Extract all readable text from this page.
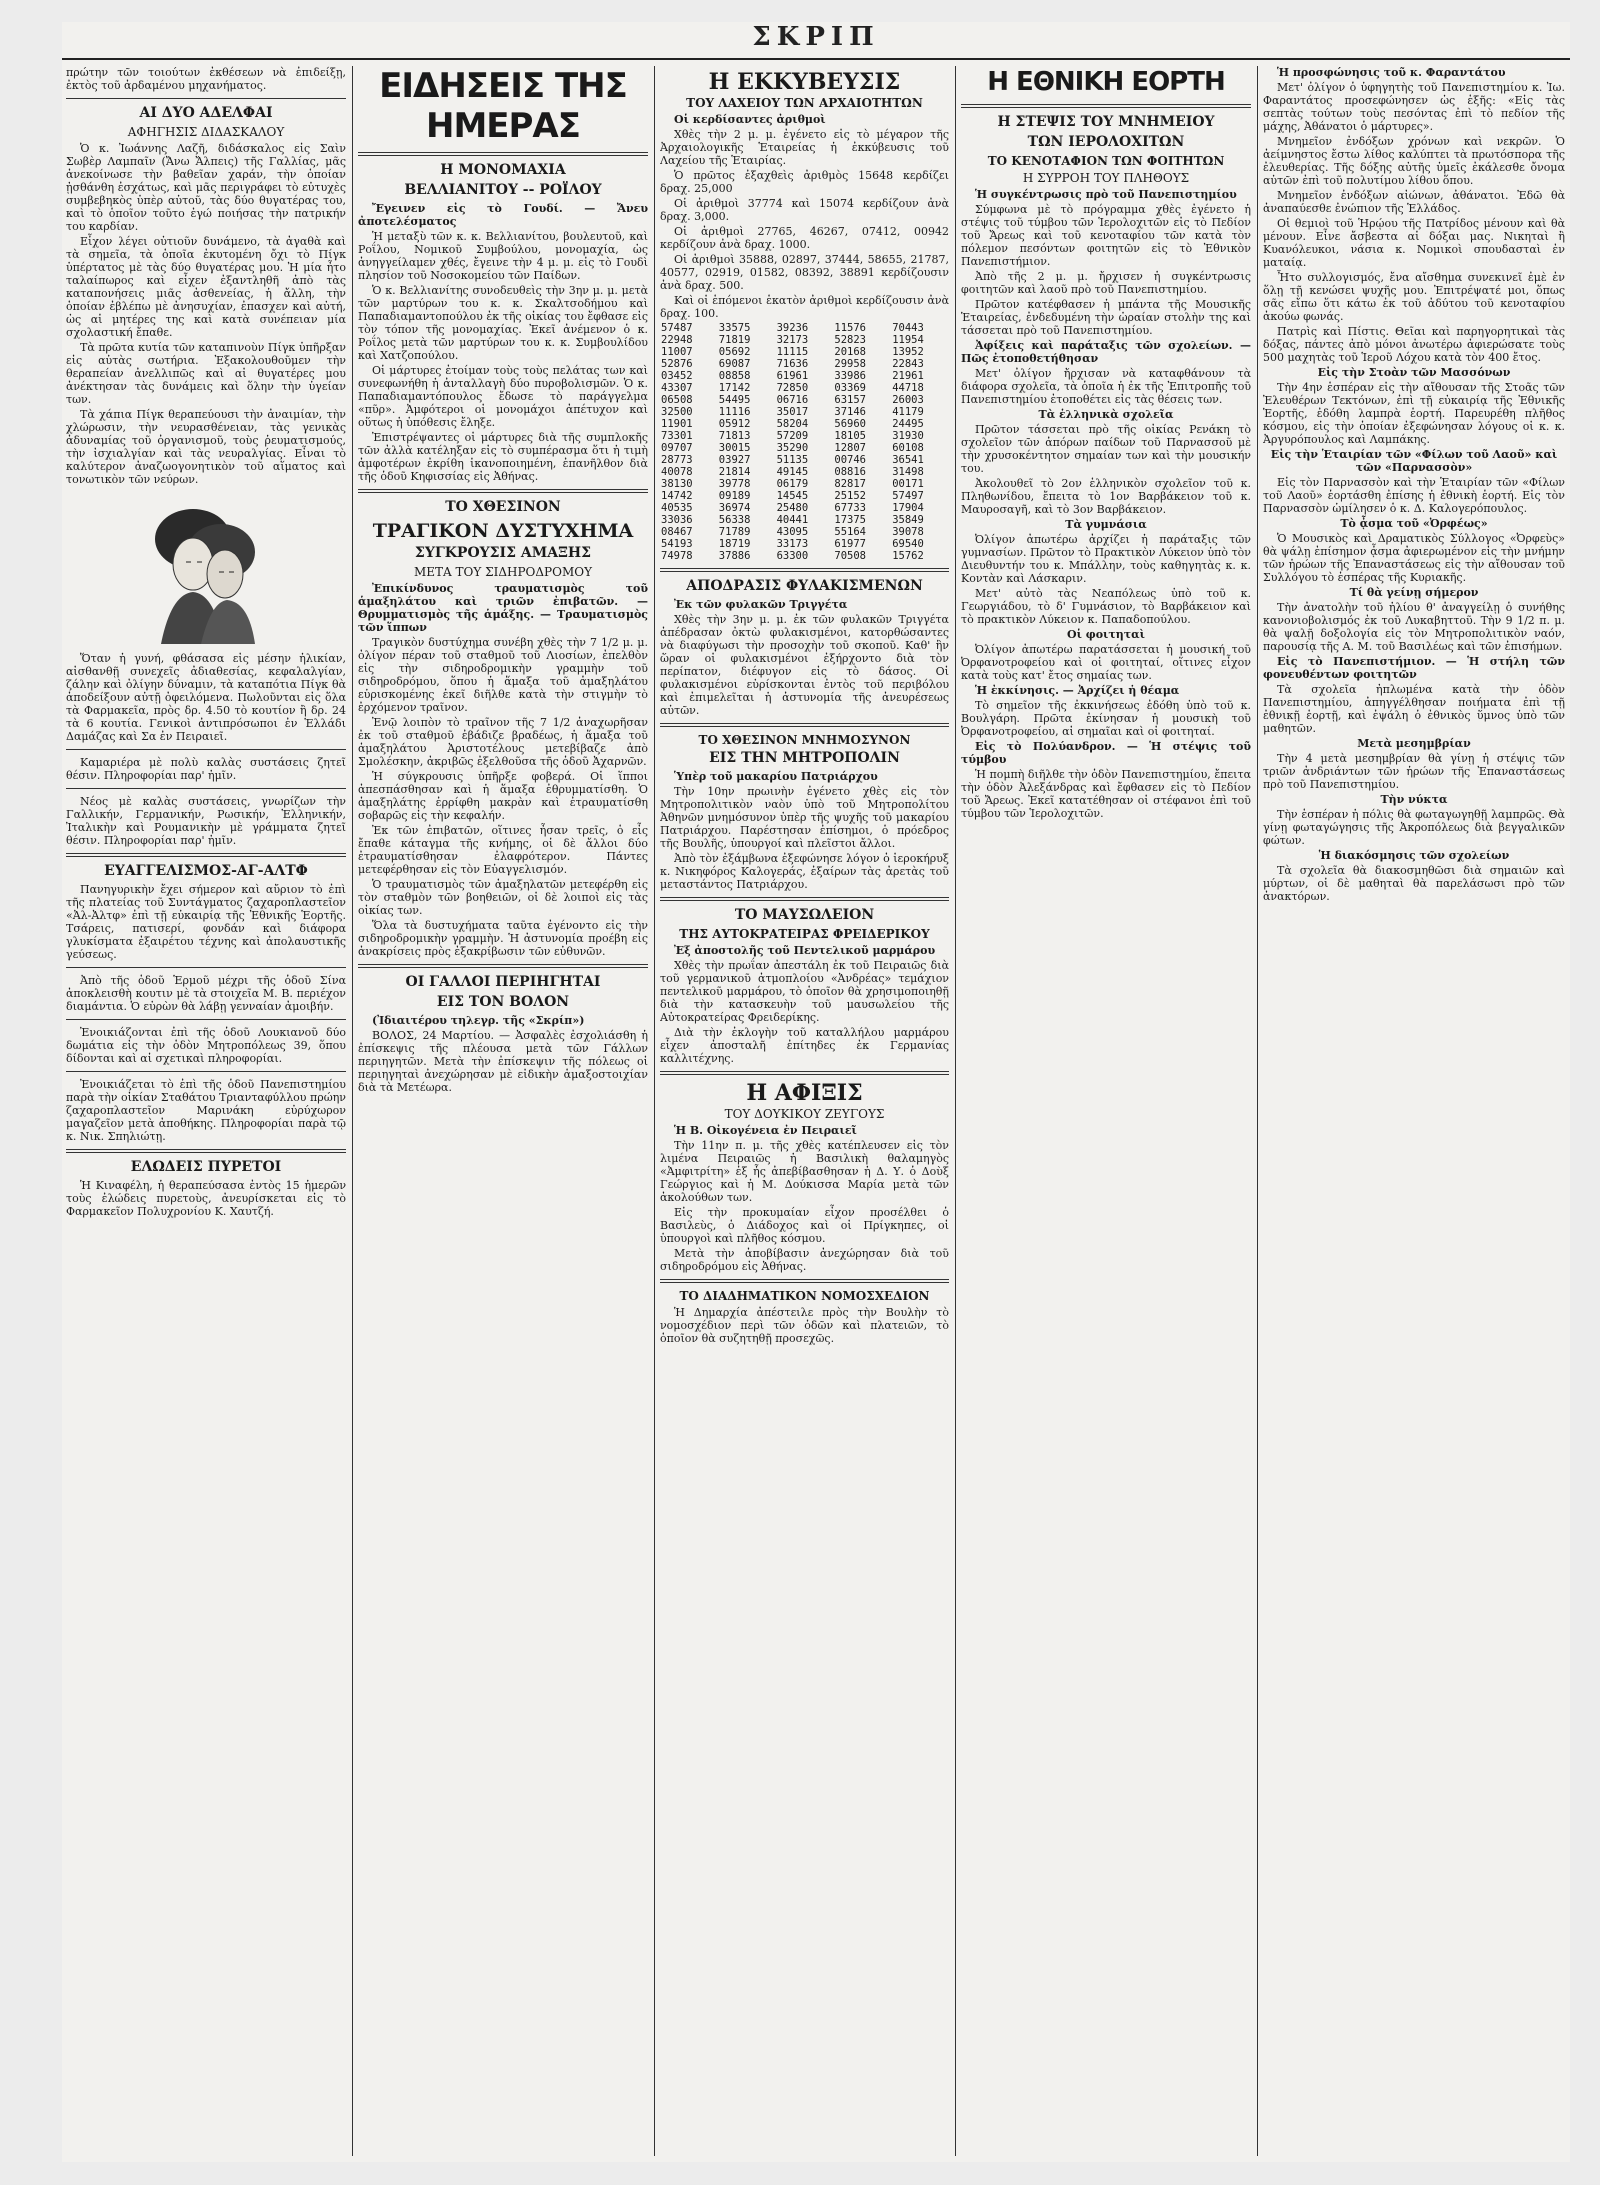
ΣΚΡΙΠ

πρώτην τῶν τοιούτων ἐκθέσεων νὰ ἐπιδείξῃ, ἐκτὸς τοῦ ἀρδαμένου μηχανήματος.

ΑΙ ΔΥΟ ΑΔΕΛΦΑΙ
ΑΦΗΓΗΣΙΣ ΔΙΔΑΣΚΑΛΟΥ

Ὁ κ. Ἰωάννης Λαζῆ, διδάσκαλος εἰς Σαὶν Σωβὲρ Λαμπαῖν (Ἄνω Ἄλπεις) τῆς Γαλλίας, μᾶς ἀνεκοίνωσε τὴν βαθεῖαν χαράν, τὴν ὁποίαν ᾐσθάνθη ἐσχάτως, καὶ μᾶς περιγράφει τὸ εὐτυχὲς συμβεβηκὸς ὑπὲρ αὐτοῦ, τὰς δύο θυγατέρας του, καὶ τὸ ὁποῖον τοῦτο ἐγώ ποιήσας τὴν πατρικήν του καρδίαν.

Εἶχον λέγει οὐτιοῦν δυνάμενο, τὰ ἀγαθὰ καὶ τὰ σημεῖα, τὰ ὁποῖα ἐκυτομένη ὄχι τὸ Πίγκ ὑπέρτατος μὲ τὰς δύο θυγατέρας μου. Ἡ μία ἦτο ταλαίπωρος καὶ εἶχεν ἐξαντληθῆ ἀπὸ τὰς καταπονήσεις μιᾶς ἀσθενείας, ἡ ἄλλη, τὴν ὁποίαν ἐβλέπω μὲ ἀνησυχίαν, ἐπασχεν καὶ αὐτή, ὡς αἱ μητέρες της καὶ κατὰ συνέπειαν μία σχολαστική ἔπαθε.

Τὰ πρῶτα κυτία τῶν καταπινοὺν Πίγκ ὑπῆρξαν εἰς αὐτὰς σωτήρια. Ἐξακολουθοῦμεν τὴν θεραπείαν ἀνελλιπῶς καὶ αἱ θυγατέρες μου ἀνέκτησαν τὰς δυνάμεις καὶ ὅλην τὴν ὑγείαν των.

Τὰ χάπια Πίγκ θεραπεύουσι τὴν ἀναιμίαν, τὴν χλώρωσιν, τὴν νευρασθένειαν, τὰς γενικὰς ἀδυναμίας τοῦ ὀργανισμοῦ, τοὺς ῥευματισμούς, τὴν ἰσχιαλγίαν καὶ τὰς νευραλγίας. Εἶναι τὸ καλύτερον ἀναζωογονητικὸν τοῦ αἵματος καὶ τονωτικὸν τῶν νεύρων.

Ὅταν ἡ γυνή, φθάσασα εἰς μέσην ἡλικίαν, αἰσθανθῇ συνεχεῖς ἀδιαθεσίας, κεφαλαλγίαν, ζάλην καὶ ὀλίγην δύναμιν, τὰ καταπότια Πίγκ θὰ ἀποδείξουν αὐτῇ ὀφειλόμενα. Πωλοῦνται εἰς ὅλα τὰ Φαρμακεῖα, πρὸς δρ. 4.50 τὸ κουτίον ἢ δρ. 24 τὰ 6 κουτία. Γενικοὶ ἀντιπρόσωποι ἐν Ἑλλάδι Δαμάζας καὶ Σα ἐν Πειραιεῖ.

Καμαριέρα μὲ πολὺ καλὰς συστάσεις ζητεῖ θέσιν. Πληροφορίαι παρ' ἡμῖν.

Νέος μὲ καλὰς συστάσεις, γνωρίζων τὴν Γαλλικήν, Γερμανικήν, Ρωσικήν, Ἑλληνικήν, Ἰταλικὴν καὶ Ρουμανικὴν μὲ γράμματα ζητεῖ θέσιν. Πληροφορίαι παρ' ἡμῖν.

ΕΥΑΓΓΕΛΙΣΜΟΣ-ΑΓ-ΑΛΤΦ

Πανηγυρικὴν ἔχει σήμερον καὶ αὔριον τὸ ἐπὶ τῆς πλατείας τοῦ Συντάγματος ζαχαροπλαστεῖον «Ἀλ-Ἀλτφ» ἐπὶ τῇ εὐκαιρίᾳ τῆς Ἐθνικῆς Ἑορτῆς. Τσάρεις, πατισερί, φονδάν καὶ διάφορα γλυκίσματα ἐξαιρέτου τέχνης καὶ ἀπολαυστικῆς γεύσεως.

Ἀπὸ τῆς ὁδοῦ Ἑρμοῦ μέχρι τῆς ὁδοῦ Σίνα ἀποκλεισθὴ κουτιν μὲ τὰ στοιχεῖα Μ. Β. περιέχον διαμάντια. Ὁ εὑρὼν θὰ λάβῃ γενναίαν ἀμοιβήν.

Ἐνοικιάζονται ἐπὶ τῆς ὁδοῦ Λουκιανοῦ δύο δωμάτια εἰς τὴν ὁδὸν Μητροπόλεως 39, ὅπου δίδονται καὶ αἱ σχετικαὶ πληροφορίαι.

Ἐνοικιάζεται τὸ ἐπὶ τῆς ὁδοῦ Πανεπιστημίου παρὰ τὴν οἰκίαν Σταθάτου Τριανταφύλλου πρώην ζαχαροπλαστεῖον Μαρινάκη εὐρύχωρον μαγαζεῖον μετὰ ἀποθήκης. Πληροφορίαι παρὰ τῷ κ. Νικ. Σπηλιώτῃ.

ΕΛΩΔΕΙΣ ΠΥΡΕΤΟΙ

Ἡ Κιναφέλη, ἡ θεραπεύσασα ἐντὸς 15 ἡμερῶν τοὺς ἐλώδεις πυρετοὺς, ἀνευρίσκεται εἰς τὸ Φαρμακεῖον Πολυχρονίου Κ. Χαυτζή.

ΕΙΔΗΣΕΙΣ ΤΗΣ ΗΜΕΡΑΣ
Η ΜΟΝΟΜΑΧΙΑ
ΒΕΛΛΙΑΝΙΤΟΥ -- ΡΟΪΛΟΥ

Ἔγεινεν εἰς τὸ Γουδί. — Ἄνευ ἀποτελέσματος

Ἡ μεταξὺ τῶν κ. κ. Βελλιανίτου, βουλευτοῦ, καὶ Ροΐλου, Νομικοῦ Συμβούλου, μονομαχία, ὡς ἀνηγγείλαμεν χθές, ἔγεινε τὴν 4 μ. μ. εἰς τὸ Γουδὶ πλησίον τοῦ Νοσοκομείου τῶν Παίδων.

Ὁ κ. Βελλιανίτης συνοδευθεὶς τὴν 3ην μ. μ. μετὰ τῶν μαρτύρων του κ. κ. Σκαλτσοδήμου καὶ Παπαδιαμαντοπούλου ἐκ τῆς οἰκίας του ἔφθασε εἰς τὸν τόπον τῆς μονομαχίας. Ἐκεῖ ἀνέμενον ὁ κ. Ροΐλος μετὰ τῶν μαρτύρων του κ. κ. Συμβουλίδου καὶ Χατζοπούλου.

Οἱ μάρτυρες ἐτοίμαν τοὺς τοὺς πελάτας των καὶ συνεφωνήθη ἡ ἀνταλλαγὴ δύο πυροβολισμῶν. Ὁ κ. Παπαδιαμαντόπουλος ἔδωσε τὸ παράγγελμα «πῦρ». Ἀμφότεροι οἱ μονομάχοι ἀπέτυχον καὶ οὕτως ἡ ὑπόθεσις ἔληξε.

Ἐπιστρέψαντες οἱ μάρτυρες διὰ τῆς συμπλοκῆς τῶν ἀλλὰ κατέληξαν εἰς τὸ συμπέρασμα ὅτι ἡ τιμὴ ἀμφοτέρων ἐκρίθη ἱκανοποιημένη, ἐπανῆλθον διὰ τῆς ὁδοῦ Κηφισσίας εἰς Ἀθήνας.

ΤΟ ΧΘΕΣΙΝΟΝ
ΤΡΑΓΙΚΟΝ ΔΥΣΤΥΧΗΜΑ
ΣΥΓΚΡΟΥΣΙΣ ΑΜΑΞΗΣ
ΜΕΤΑ ΤΟΥ ΣΙΔΗΡΟΔΡΟΜΟΥ

Ἐπικίνδυνος τραυματισμὸς τοῦ ἁμαξηλάτου καὶ τριῶν ἐπιβατῶν. — Θρυμματισμὸς τῆς ἁμάξης. — Τραυματισμὸς τῶν ἵππων

Τραγικὸν δυστύχημα συνέβη χθὲς τὴν 7 1/2 μ. μ. ὀλίγον πέραν τοῦ σταθμοῦ τοῦ Λιοσίων, ἐπελθὸν εἰς τὴν σιδηροδρομικὴν γραμμὴν τοῦ σιδηροδρόμου, ὅπου ἡ ἅμαξα τοῦ ἁμαξηλάτου εὑρισκομένης ἐκεῖ διῆλθε κατὰ τὴν στιγμὴν τὸ ἐρχόμενον τραῖνον.

Ἐνῷ λοιπὸν τὸ τραῖνον τῆς 7 1/2 ἀναχωρῆσαν ἐκ τοῦ σταθμοῦ ἐβάδιζε βραδέως, ἡ ἅμαξα τοῦ ἁμαξηλάτου Ἀριστοτέλους μετεβίβαζε ἀπὸ Σμολέσκην, ἀκριβῶς ἐξελθοῦσα τῆς ὁδοῦ Ἀχαρνῶν.

Ἡ σύγκρουσις ὑπῆρξε φοβερά. Οἱ ἵπποι ἀπεσπάσθησαν καὶ ἡ ἅμαξα ἐθρυμματίσθη. Ὁ ἁμαξηλάτης ἐρρίφθη μακρὰν καὶ ἐτραυματίσθη σοβαρῶς εἰς τὴν κεφαλήν.

Ἐκ τῶν ἐπιβατῶν, οἵτινες ἦσαν τρεῖς, ὁ εἷς ἔπαθε κάταγμα τῆς κνήμης, οἱ δὲ ἄλλοι δύο ἐτραυματίσθησαν ἐλαφρότερον. Πάντες μετεφέρθησαν εἰς τὸν Εὐαγγελισμόν.

Ὁ τραυματισμὸς τῶν ἁμαξηλατῶν μετεφέρθη εἰς τὸν σταθμὸν τῶν βοηθειῶν, οἱ δὲ λοιποὶ εἰς τὰς οἰκίας των.

Ὅλα τὰ δυστυχήματα ταῦτα ἐγένοντο εἰς τὴν σιδηροδρομικὴν γραμμὴν. Ἡ ἀστυνομία προέβη εἰς ἀνακρίσεις πρὸς ἐξακρίβωσιν τῶν εὐθυνῶν.

ΟΙ ΓΑΛΛΟΙ ΠΕΡΙΗΓΗΤΑΙ
ΕΙΣ ΤΟΝ ΒΟΛΟΝ

(Ἰδιαιτέρου τηλεγρ. τῆς «Σκρίπ»)

ΒΟΛΟΣ, 24 Μαρτίου. — Ἀσφαλὲς ἐσχολιάσθη ἡ ἐπίσκεψις τῆς πλέουσα μετὰ τῶν Γάλλων περιηγητῶν. Μετὰ τὴν ἐπίσκεψιν τῆς πόλεως οἱ περιηγηταὶ ἀνεχώρησαν μὲ εἰδικὴν ἁμαξοστοιχίαν διὰ τὰ Μετέωρα.

Η ΕΚΚΥΒΕΥΣΙΣ
ΤΟΥ ΛΑΧΕΙΟΥ ΤΩΝ ΑΡΧΑΙΟΤΗΤΩΝ

Οἱ κερδίσαντες ἀριθμοὶ

Χθὲς τὴν 2 μ. μ. ἐγένετο εἰς τὸ μέγαρον τῆς Ἀρχαιολογικῆς Ἑταιρείας ἡ ἐκκύβευσις τοῦ Λαχείου τῆς Ἑταιρίας.

Ὁ πρῶτος ἐξαχθεὶς ἀριθμὸς 15648 κερδίζει δραχ. 25,000

Οἱ ἀριθμοὶ 37774 καὶ 15074 κερδίζουν ἀνὰ δραχ. 3,000.

Οἱ ἀριθμοὶ 27765, 46267, 07412, 00942 κερδίζουν ἀνὰ δραχ. 1000.

Οἱ ἀριθμοὶ 35888, 02897, 37444, 58655, 21787, 40577, 02919, 01582, 08392, 38891 κερδίζουσιν ἀνὰ δραχ. 500.

Καὶ οἱ ἑπόμενοι ἑκατὸν ἀριθμοὶ κερδίζουσιν ἀνὰ δραχ. 100.

57487	33575	39236	11576	70443
22948	71819	32173	52823	11954
11007	05692	11115	20168	13952
52876	69087	71636	29958	22843
03452	08858	61961	33986	21961
43307	17142	72850	03369	44718
06508	54495	06716	63157	26003
32500	11116	35017	37146	41179
11901	05912	58204	56960	24495
73301	71813	57209	18105	31930
09707	30015	35290	12807	60108
28773	03927	51135	00746	36541
40078	21814	49145	08816	31498
38130	39778	06179	82817	00171
14742	09189	14545	25152	57497
40535	36974	25480	67733	17904
33036	56338	40441	17375	35849
08467	71789	43095	55164	39078
54193	18719	33173	61977	69540
74978	37886	63300	70508	15762
ΑΠΟΔΡΑΣΙΣ ΦΥΛΑΚΙΣΜΕΝΩΝ

Ἐκ τῶν φυλακῶν Τριγγέτα

Χθὲς τὴν 3ην μ. μ. ἐκ τῶν φυλακῶν Τριγγέτα ἀπέδρασαν ὀκτὼ φυλακισμένοι, κατορθώσαντες νὰ διαφύγωσι τὴν προσοχὴν τοῦ σκοποῦ. Καθ' ἣν ὥραν οἱ φυλακισμένοι ἐξήρχοντο διὰ τὸν περίπατον, διέφυγον εἰς τὸ δάσος. Οἱ φυλακισμένοι εὑρίσκονται ἐντὸς τοῦ περιβόλου καὶ ἐπιμελεῖται ἡ ἀστυνομία τῆς ἀνευρέσεως αὐτῶν.

ΤΟ ΧΘΕΣΙΝΟΝ ΜΝΗΜΟΣΥΝΟΝ
ΕΙΣ ΤΗΝ ΜΗΤΡΟΠΟΛΙΝ

Ὑπὲρ τοῦ μακαρίου Πατριάρχου

Τὴν 10ην πρωινὴν ἐγένετο χθὲς εἰς τὸν Μητροπολιτικὸν ναὸν ὑπὸ τοῦ Μητροπολίτου Ἀθηνῶν μνημόσυνον ὑπὲρ τῆς ψυχῆς τοῦ μακαρίου Πατριάρχου. Παρέστησαν ἐπίσημοι, ὁ πρόεδρος τῆς Βουλῆς, ὑπουργοί καὶ πλεῖστοι ἄλλοι.

Ἀπὸ τὸν ἐξάμβωνα ἐξεφώνησε λόγον ὁ ἱεροκήρυξ κ. Νικηφόρος Καλογεράς, ἐξαίρων τὰς ἀρετὰς τοῦ μεταστάντος Πατριάρχου.

ΤΟ ΜΑΥΣΩΛΕΙΟΝ
ΤΗΣ ΑΥΤΟΚΡΑΤΕΙΡΑΣ ΦΡΕΙΔΕΡΙΚΟΥ

Ἐξ ἀποστολῆς τοῦ Πεντελικοῦ μαρμάρου

Χθὲς τὴν πρωΐαν ἀπεστάλη ἐκ τοῦ Πειραιῶς διὰ τοῦ γερμανικοῦ ἀτμοπλοίου «Ἀνδρέας» τεμάχιον πεντελικοῦ μαρμάρου, τὸ ὁποῖον θὰ χρησιμοποιηθῇ διὰ τὴν κατασκευὴν τοῦ μαυσωλείου τῆς Αὐτοκρατείρας Φρειδερίκης.

Διὰ τὴν ἐκλογὴν τοῦ καταλλήλου μαρμάρου εἶχεν ἀποσταλῆ ἐπίτηδες ἐκ Γερμανίας καλλιτέχνης.

Η ΑΦΙΞΙΣ
ΤΟΥ ΔΟΥΚΙΚΟΥ ΖΕΥΓΟΥΣ

Ἡ Β. Οἰκογένεια ἐν Πειραιεῖ

Τὴν 11ην π. μ. τῆς χθὲς κατέπλευσεν εἰς τὸν λιμένα Πειραιῶς ἡ Βασιλικὴ θαλαμηγὸς «Ἀμφιτρίτη» ἐξ ἧς ἀπεβίβασθησαν ἡ Δ. Υ. ὁ Δοὺξ Γεώργιος καὶ ἡ Μ. Δούκισσα Μαρία μετὰ τῶν ἀκολούθων των.

Εἰς τὴν προκυμαίαν εἶχον προσέλθει ὁ Βασιλεὺς, ὁ Διάδοχος καὶ οἱ Πρίγκηπες, οἱ ὑπουργοὶ καὶ πλῆθος κόσμου.

Μετὰ τὴν ἀποβίβασιν ἀνεχώρησαν διὰ τοῦ σιδηροδρόμου εἰς Ἀθήνας.

ΤΟ ΔΙΑΔΗΜΑΤΙΚΟΝ ΝΟΜΟΣΧΕΔΙΟΝ

Ἡ Δημαρχία ἀπέστειλε πρὸς τὴν Βουλὴν τὸ νομοσχέδιον περὶ τῶν ὁδῶν καὶ πλατειῶν, τὸ ὁποῖον θὰ συζητηθῇ προσεχῶς.

Η ΕΘΝΙΚΗ ΕΟΡΤΗ
Η ΣΤΕΨΙΣ ΤΟΥ ΜΝΗΜΕΙΟΥ
ΤΩΝ ΙΕΡΟΛΟΧΙΤΩΝ
ΤΟ ΚΕΝΟΤΑΦΙΟΝ ΤΩΝ ΦΟΙΤΗΤΩΝ
Η ΣΥΡΡΟΗ ΤΟΥ ΠΛΗΘΟΥΣ

Ἡ συγκέντρωσις πρὸ τοῦ Πανεπιστημίου

Σύμφωνα μὲ τὸ πρόγραμμα χθὲς ἐγένετο ἡ στέψις τοῦ τύμβου τῶν Ἱερολοχιτῶν εἰς τὸ Πεδίον τοῦ Ἄρεως καὶ τοῦ κενοταφίου τῶν κατὰ τὸν πόλεμον πεσόντων φοιτητῶν εἰς τὸ Ἐθνικὸν Πανεπιστήμιον.

Ἀπὸ τῆς 2 μ. μ. ἤρχισεν ἡ συγκέντρωσις φοιτητῶν καὶ λαοῦ πρὸ τοῦ Πανεπιστημίου.

Πρῶτον κατέφθασεν ἡ μπάντα τῆς Μουσικῆς Ἑταιρείας, ἐνδεδυμένη τὴν ὡραίαν στολὴν της καὶ τάσσεται πρὸ τοῦ Πανεπιστημίου.

Ἀφίξεις καὶ παράταξις τῶν σχολείων. — Πῶς ἐτοποθετήθησαν

Μετ' ὀλίγον ἤρχισαν νὰ καταφθάνουν τὰ διάφορα σχολεῖα, τὰ ὁποῖα ἡ ἐκ τῆς Ἐπιτροπῆς τοῦ Πανεπιστημίου ἐτοποθέτει εἰς τὰς θέσεις των.

Τὰ ἑλληνικὰ σχολεῖα

Πρῶτον τάσσεται πρὸ τῆς οἰκίας Ρενάκη τὸ σχολεῖον τῶν ἀπόρων παίδων τοῦ Παρνασσοῦ μὲ τὴν χρυσοκέντητον σημαίαν των καὶ τὴν μουσικήν του.

Ἀκολουθεῖ τὸ 2ον ἑλληνικὸν σχολεῖον τοῦ κ. Πληθωνίδου, ἔπειτα τὸ 1ον Βαρβάκειον τοῦ κ. Μαυροσαγῆ, καὶ τὸ 3ον Βαρβάκειον.

Τὰ γυμνάσια

Ὀλίγον ἀπωτέρω ἀρχίζει ἡ παράταξις τῶν γυμνασίων. Πρῶτον τὸ Πρακτικὸν Λύκειον ὑπὸ τὸν Διευθυντήν του κ. Μπάλλην, τοὺς καθηγητὰς κ. κ. Κοντὰν καὶ Λάσκαριν.

Μετ' αὐτὸ τὰς Νεαπόλεως ὑπὸ τοῦ κ. Γεωργιάδου, τὸ δ' Γυμνάσιον, τὸ Βαρβάκειον καὶ τὸ πρακτικὸν Λύκειον κ. Παπαδοπούλου.

Οἱ φοιτηταὶ

Ὀλίγον ἀπωτέρω παρατάσσεται ἡ μουσική τοῦ Ὀρφανοτροφείου καὶ οἱ φοιτηταί, οἵτινες εἶχον κατὰ τοὺς κατ' ἔτος σημαίας των.

Ἡ ἐκκίνησις. — Ἀρχίζει ἡ θέαμα

Τὸ σημεῖον τῆς ἐκκινήσεως ἐδόθη ὑπὸ τοῦ κ. Βουλγάρη. Πρῶτα ἐκίνησαν ἡ μουσικὴ τοῦ Ὀρφανοτροφείου, αἱ σημαῖαι καὶ οἱ φοιτηταί.

Εἰς τὸ Πολύανδρον. — Ἡ στέψις τοῦ τύμβου

Ἡ πομπὴ διῆλθε τὴν ὁδὸν Πανεπιστημίου, ἔπειτα τὴν ὁδὸν Ἀλεξάνδρας καὶ ἔφθασεν εἰς τὸ Πεδίον τοῦ Ἄρεως. Ἐκεῖ κατατέθησαν οἱ στέφανοι ἐπὶ τοῦ τύμβου τῶν Ἱερολοχιτῶν.

Ἡ προσφώνησις τοῦ κ. Φαραντάτου

Μετ' ὀλίγον ὁ ὑφηγητὴς τοῦ Πανεπιστημίου κ. Ἰω. Φαραντάτος προσεφώνησεν ὡς ἑξῆς: «Εἰς τὰς σεπτὰς τούτων τοὺς πεσόντας ἐπὶ τὸ πεδίον τῆς μάχης, Ἀθάνατοι ὁ μάρτυρες».

Μνημεῖον ἐνδόξων χρόνων καὶ νεκρῶν. Ὁ ἀείμνηστος ἔστω λίθος καλύπτει τὰ πρωτόσπορα τῆς ἐλευθερίας. Τῆς δόξης αὐτῆς ὑμεῖς ἐκάλεσθε ὄνομα αὐτῶν ἐπὶ τοῦ πολυτίμου λίθου ὅπου.

Μνημεῖον ἐνδόξων αἰώνων, ἀθάνατοι. Ἐδῶ θὰ ἀναπαύεσθε ἐνώπιον τῆς Ἑλλάδος.

Οἱ θεμιοὶ τοῦ Ἡρῴου τῆς Πατρίδος μένουν καὶ θὰ μένουν. Εἶνε ἄσβεστα αἱ δόξαι μας. Νικηταὶ ἢ Κυανόλευκοι, νάσια κ. Νομικοὶ σπουδασταὶ ἐν ματαίᾳ.

Ἦτο συλλογισμός, ἔνα αἴσθημα συνεκινεῖ ἐμὲ ἐν ὅλῃ τῇ κενώσει ψυχῆς μου. Ἐπιτρέψατέ μοι, ὅπως σᾶς εἴπω ὅτι κάτω ἐκ τοῦ ἀδύτου τοῦ κενοταφίου ἀκούω φωνάς.

Πατρὶς καὶ Πίστις. Θεῖαι καὶ παρηγορητικαὶ τὰς δόξας, πάντες ἀπὸ μόνοι ἀνωτέρω ἀφιερώσατε τοὺς 500 μαχητὰς τοῦ Ἱεροῦ Λόχου κατὰ τὸν 400 ἔτος.

Εἰς τὴν Στοὰν τῶν Μασσόνων

Τὴν 4ην ἑσπέραν εἰς τὴν αἴθουσαν τῆς Στοᾶς τῶν Ἐλευθέρων Τεκτόνων, ἐπὶ τῇ εὐκαιρίᾳ τῆς Ἐθνικῆς Ἑορτῆς, ἐδόθη λαμπρὰ ἑορτή. Παρευρέθη πλῆθος κόσμου, εἰς τὴν ὁποίαν ἐξεφώνησαν λόγους οἱ κ. κ. Ἀργυρόπουλος καὶ Λαμπάκης.

Εἰς τὴν Ἑταιρίαν τῶν «Φίλων τοῦ Λαοῦ» καὶ τῶν «Παρνασσὸν»

Εἰς τὸν Παρνασσὸν καὶ τὴν Ἑταιρίαν τῶν «Φίλων τοῦ Λαοῦ» ἑορτάσθη ἐπίσης ἡ ἐθνικὴ ἑορτή. Εἰς τὸν Παρνασσὸν ὡμίλησεν ὁ κ. Δ. Καλογερόπουλος.

Τὸ ᾆσμα τοῦ «Ὀρφέως»

Ὁ Μουσικὸς καὶ Δραματικὸς Σύλλογος «Ὀρφεὺς» θὰ ψάλῃ ἐπίσημον ᾆσμα ἀφιερωμένον εἰς τὴν μνήμην τῶν ἡρώων τῆς Ἐπαναστάσεως εἰς τὴν αἴθουσαν τοῦ Συλλόγου τὸ ἑσπέρας τῆς Κυριακῆς.

Τί θὰ γείνῃ σήμερον

Τὴν ἀνατολὴν τοῦ ἡλίου θ' ἀναγγείλῃ ὁ συνήθης κανονιοβολισμός ἐκ τοῦ Λυκαβηττοῦ. Τὴν 9 1/2 π. μ. θὰ ψαλῇ δοξολογία εἰς τὸν Μητροπολιτικὸν ναόν, παρουσίᾳ τῆς Α. Μ. τοῦ Βασιλέως καὶ τῶν ἐπισήμων.

Εἰς τὸ Πανεπιστήμιον. — Ἡ στήλη τῶν φονευθέντων φοιτητῶν

Τὰ σχολεῖα ἠπλωμένα κατὰ τὴν ὁδὸν Πανεπιστημίου, ἀπηγγέλθησαν ποιήματα ἐπὶ τῇ ἐθνικῇ ἑορτῇ, καὶ ἐψάλη ὁ ἐθνικὸς ὕμνος ὑπὸ τῶν μαθητῶν.

Μετὰ μεσημβρίαν

Τὴν 4 μετὰ μεσημβρίαν θὰ γίνῃ ἡ στέψις τῶν τριῶν ἀνδριάντων τῶν ἡρώων τῆς Ἐπαναστάσεως πρὸ τοῦ Πανεπιστημίου.

Τὴν νύκτα

Τὴν ἑσπέραν ἡ πόλις θὰ φωταγωγηθῇ λαμπρῶς. Θὰ γίνῃ φωταγώγησις τῆς Ἀκροπόλεως διὰ βεγγαλικῶν φώτων.

Ἡ διακόσμησις τῶν σχολείων

Τὰ σχολεῖα θὰ διακοσμηθῶσι διὰ σημαιῶν καὶ μύρτων, οἱ δὲ μαθηταὶ θὰ παρελάσωσι πρὸ τῶν ἀνακτόρων.
